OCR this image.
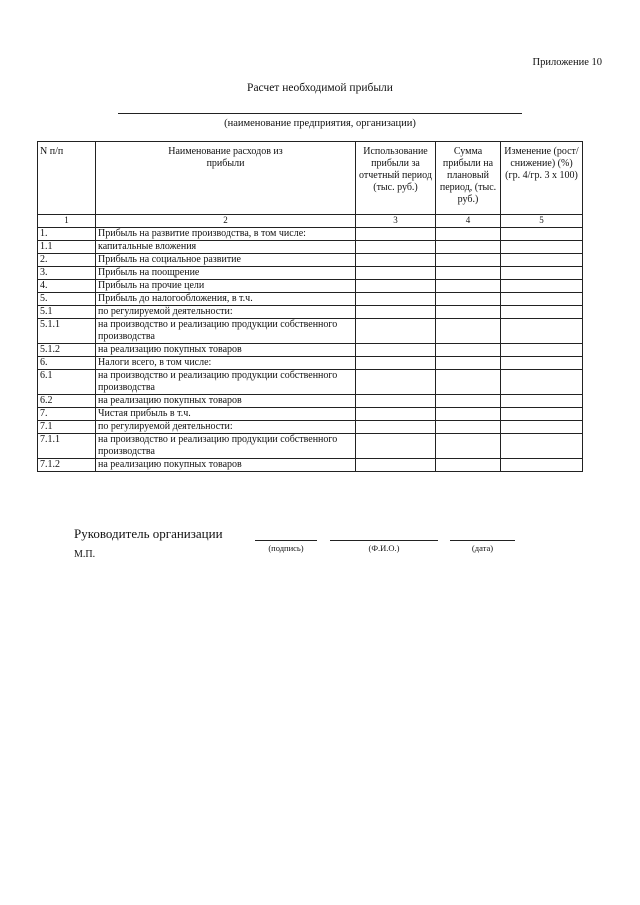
Приложение 10
Расчет необходимой прибыли
(наименование предприятия, организации)
N п/п	Наименование расходов из прибыли	Использование прибыли за отчетный период (тыс. руб.)	Сумма прибыли на плановый период, (тыс. руб.)	Изменение (рост/ снижение) (%) (гр. 4/гр. 3 x 100)
1	2	3	4	5
1.	Прибыль на развитие производства, в том числе:			
1.1	капитальные вложения			
2.	Прибыль на социальное развитие			
3.	Прибыль на поощрение			
4.	Прибыль на прочие цели			
5.	Прибыль до налогообложения, в т.ч.			
5.1	по регулируемой деятельности:			
5.1.1	на производство и реализацию продукции собственного производства			
5.1.2	на реализацию покупных товаров			
6.	Налоги всего, в том числе:			
6.1	на производство и реализацию продукции собственного производства			
6.2	на реализацию покупных товаров			
7.	Чистая прибыль в т.ч.			
7.1	по регулируемой деятельности:			
7.1.1	на производство и реализацию продукции собственного производства			
7.1.2	на реализацию покупных товаров			
Руководитель организации
М.П.
(подпись)	(Ф.И.О.)	(дата)
